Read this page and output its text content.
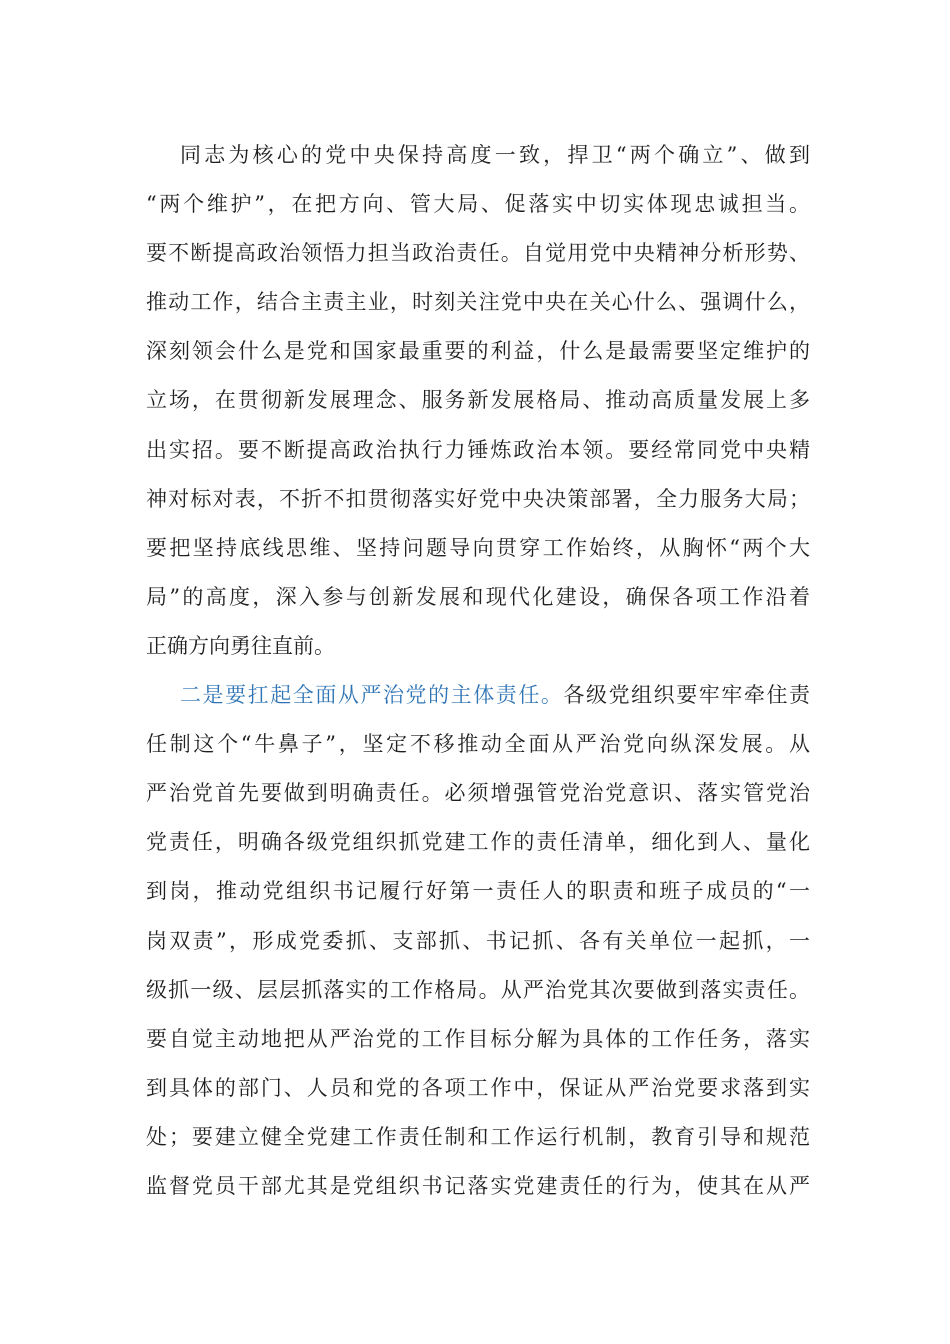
同志为核心的党中央保持高度一致，捍卫“两个确立”、做到
“两个维护”，在把方向、管大局、促落实中切实体现忠诚担当。
要不断提高政治领悟力担当政治责任。自觉用党中央精神分析形势、
推动工作，结合主责主业，时刻关注党中央在关心什么、强调什么，
深刻领会什么是党和国家最重要的利益，什么是最需要坚定维护的
立场，在贯彻新发展理念、服务新发展格局、推动高质量发展上多
出实招。要不断提高政治执行力锤炼政治本领。要经常同党中央精
神对标对表，不折不扣贯彻落实好党中央决策部署，全力服务大局；
要把坚持底线思维、坚持问题导向贯穿工作始终，从胸怀“两个大
局”的高度，深入参与创新发展和现代化建设，确保各项工作沿着
正确方向勇往直前。
二是要扛起全面从严治党的主体责任。各级党组织要牢牢牵住责
任制这个“牛鼻子”，坚定不移推动全面从严治党向纵深发展。从
严治党首先要做到明确责任。必须增强管党治党意识、落实管党治
党责任，明确各级党组织抓党建工作的责任清单，细化到人、量化
到岗，推动党组织书记履行好第一责任人的职责和班子成员的“一
岗双责”，形成党委抓、支部抓、书记抓、各有关单位一起抓，一
级抓一级、层层抓落实的工作格局。从严治党其次要做到落实责任。
要自觉主动地把从严治党的工作目标分解为具体的工作任务，落实
到具体的部门、人员和党的各项工作中，保证从严治党要求落到实
处；要建立健全党建工作责任制和工作运行机制，教育引导和规范
监督党员干部尤其是党组织书记落实党建责任的行为，使其在从严
